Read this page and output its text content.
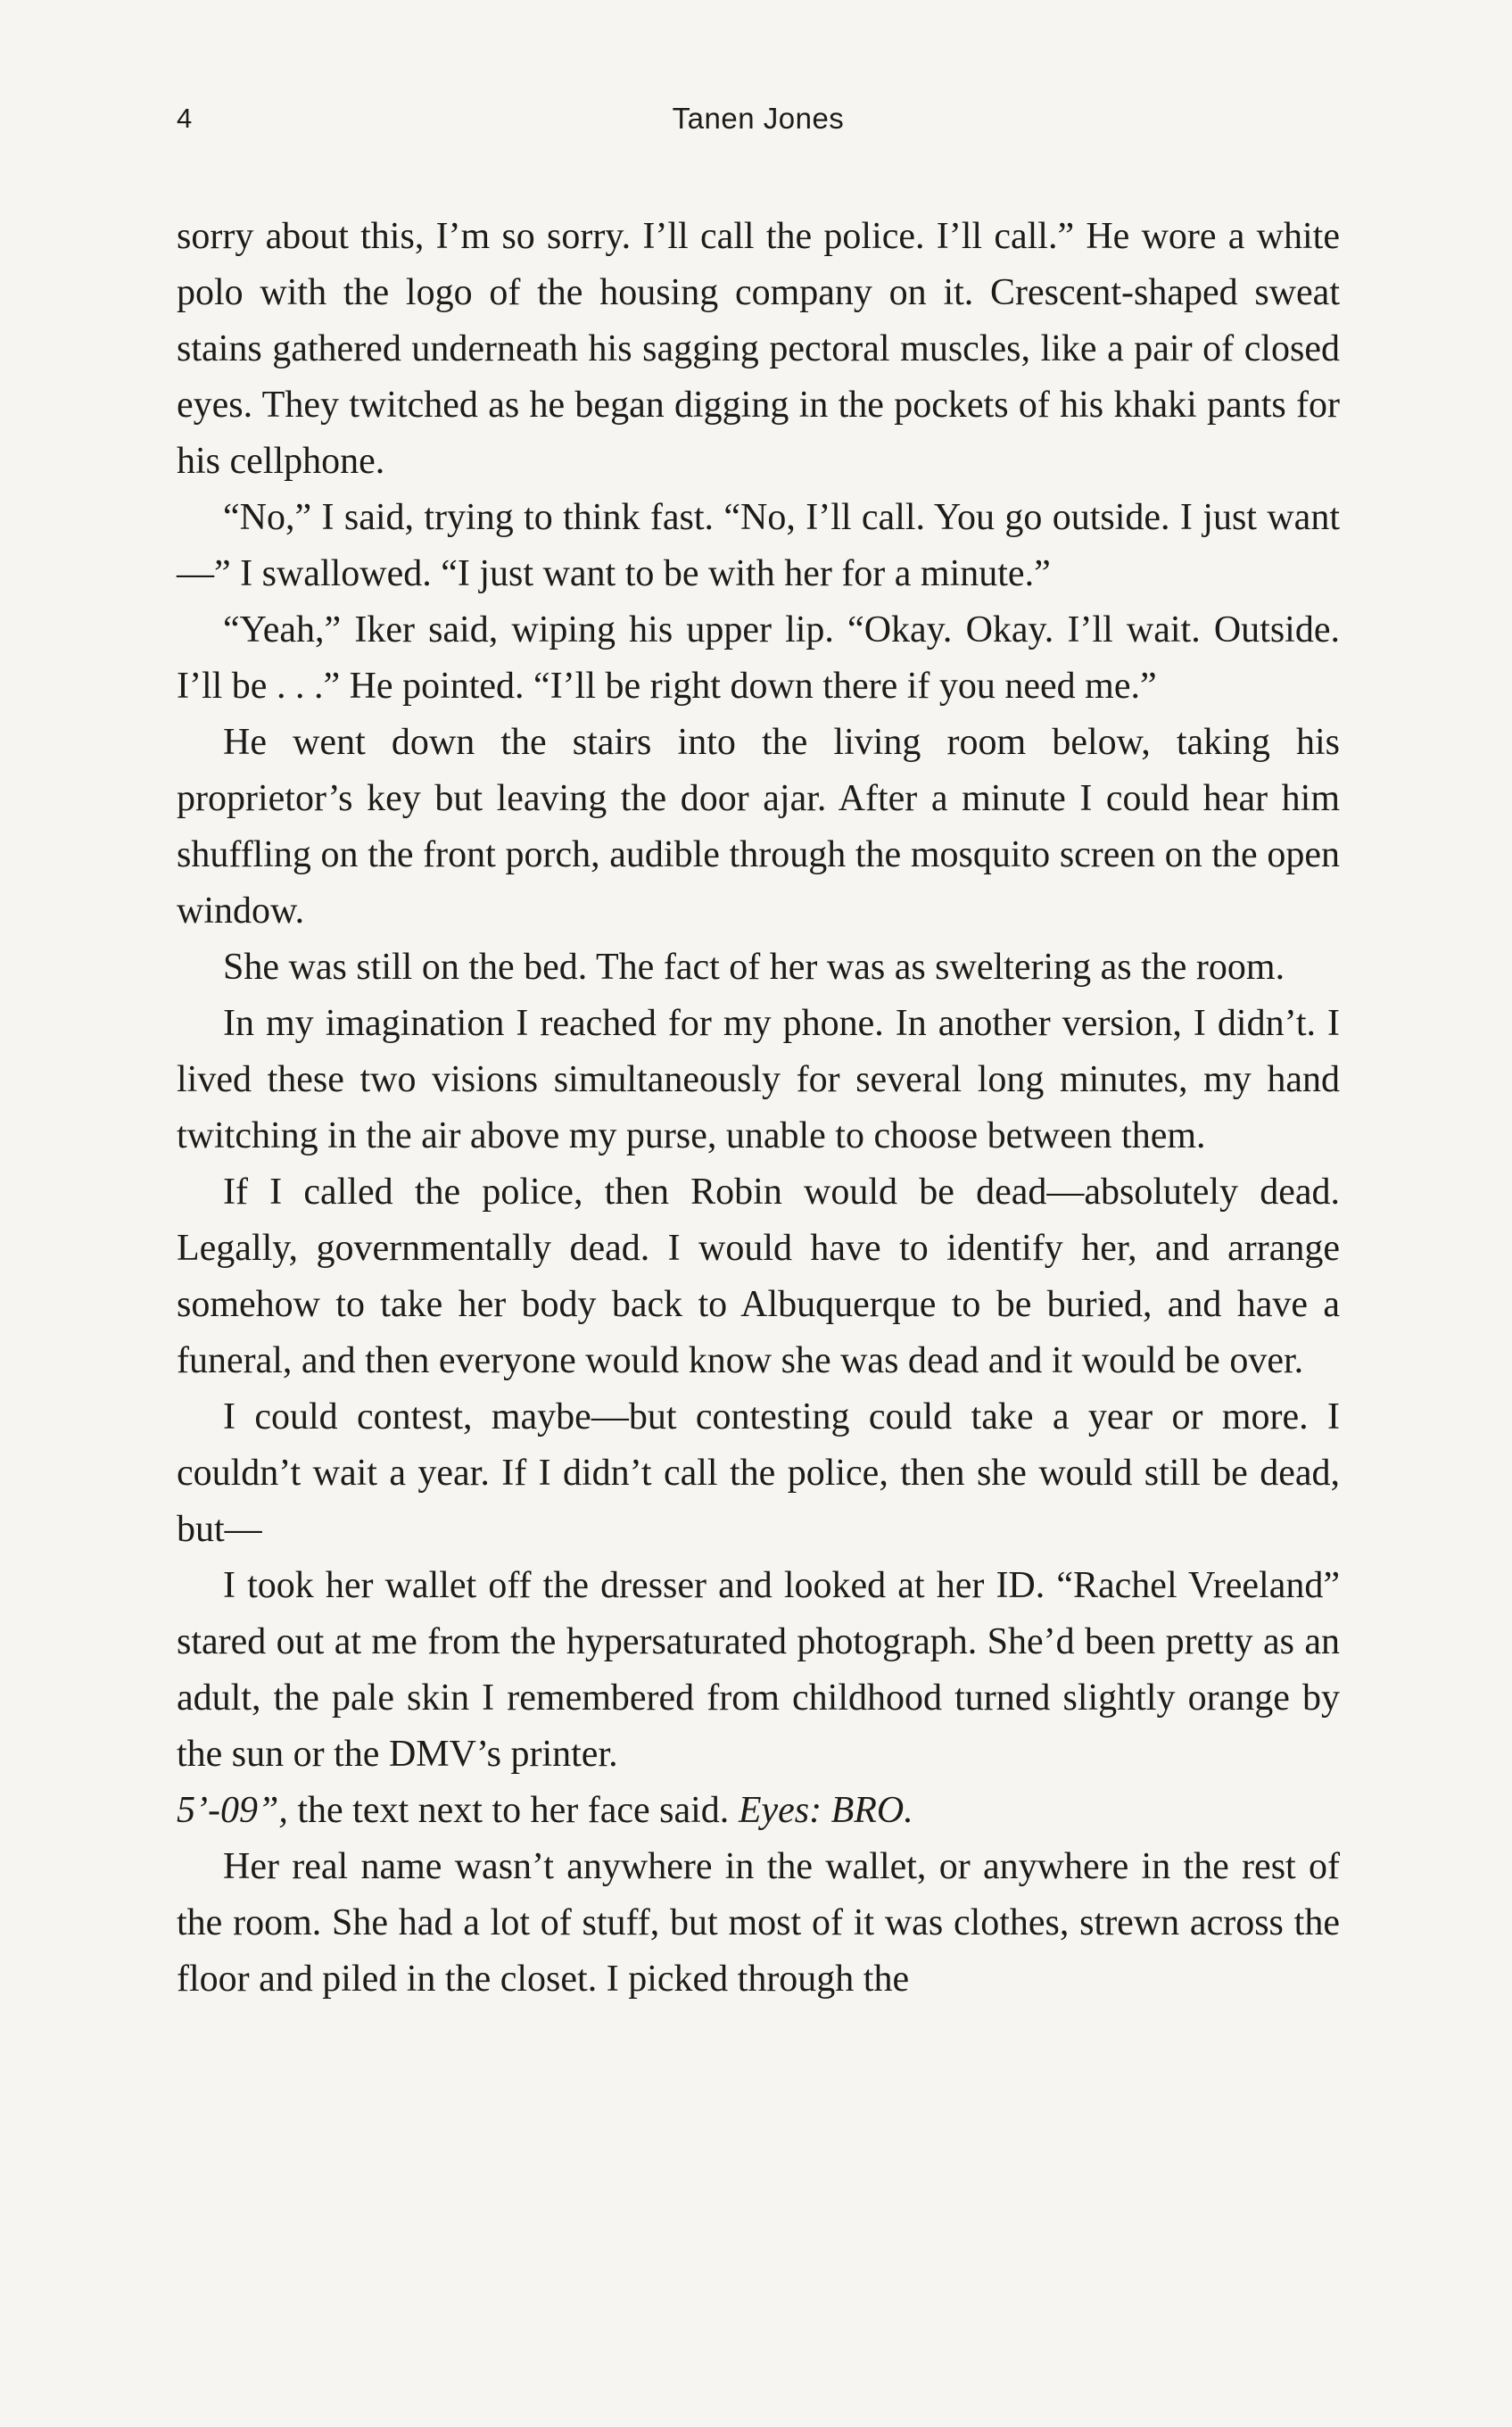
4	Tanen Jones

sorry about this, I’m so sorry. I’ll call the police. I’ll call.” He wore a white polo with the logo of the housing company on it. Crescent-shaped sweat stains gathered underneath his sagging pectoral muscles, like a pair of closed eyes. They twitched as he began digging in the pockets of his khaki pants for his cellphone.

“No,” I said, trying to think fast. “No, I’ll call. You go outside. I just want—” I swallowed. “I just want to be with her for a minute.”

“Yeah,” Iker said, wiping his upper lip. “Okay. Okay. I’ll wait. Outside. I’ll be . . .” He pointed. “I’ll be right down there if you need me.”

He went down the stairs into the living room below, taking his proprietor’s key but leaving the door ajar. After a minute I could hear him shuffling on the front porch, audible through the mosquito screen on the open window.

She was still on the bed. The fact of her was as sweltering as the room.

In my imagination I reached for my phone. In another version, I didn’t. I lived these two visions simultaneously for several long minutes, my hand twitching in the air above my purse, unable to choose between them.

If I called the police, then Robin would be dead—absolutely dead. Legally, governmentally dead. I would have to identify her, and arrange somehow to take her body back to Albuquerque to be buried, and have a funeral, and then everyone would know she was dead and it would be over.

I could contest, maybe—but contesting could take a year or more. I couldn’t wait a year. If I didn’t call the police, then she would still be dead, but—

I took her wallet off the dresser and looked at her ID. “Rachel Vreeland” stared out at me from the hypersaturated photograph. She’d been pretty as an adult, the pale skin I remembered from childhood turned slightly orange by the sun or the DMV’s printer.
5’-09”, the text next to her face said. Eyes: BRO.

Her real name wasn’t anywhere in the wallet, or anywhere in the rest of the room. She had a lot of stuff, but most of it was clothes, strewn across the floor and piled in the closet. I picked through the
